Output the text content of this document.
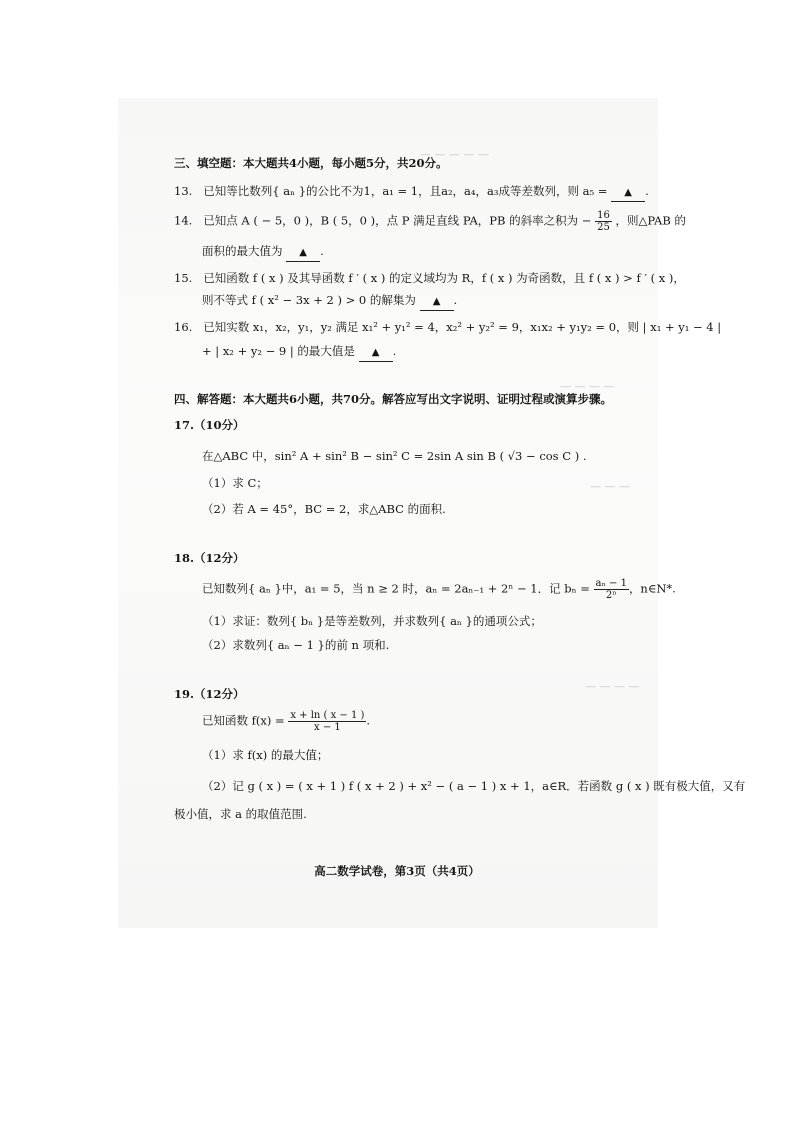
— — — — —
— — — —
— — —
— — — —
三、填空题：本大题共4小题，每小题5分，共20分。
13. 已知等比数列{ aₙ }的公比不为1，a₁ = 1，且a₂，a₄，a₃成等差数列，则 a₅ = ▲ .
14. 已知点 A ( − 5，0 )，B ( 5，0 )，点 P 满足直线 PA，PB 的斜率之积为 − $\frac{16}{25}$ ，则△PAB 的
面积的最大值为 ▲ .
15. 已知函数 f ( x ) 及其导函数 f ′ ( x ) 的定义域均为 R，f ( x ) 为奇函数，且 f ( x ) > f ′ ( x )，
则不等式 f ( x² − 3x + 2 ) > 0 的解集为 ▲ .
16. 已知实数 x₁，x₂，y₁，y₂ 满足 x₁² + y₁² = 4，x₂² + y₂² = 9，x₁x₂ + y₁y₂ = 0，则 | x₁ + y₁ − 4 |
+ | x₂ + y₂ − 9 | 的最大值是 ▲ .
四、解答题：本大题共6小题，共70分。解答应写出文字说明、证明过程或演算步骤。
17.（10分）
在△ABC 中，sin² A + sin² B − sin² C = 2sin A sin B ( √3 − cos C ) .
（1）求 C；
（2）若 A = 45°，BC = 2，求△ABC 的面积.
18.（12分）
已知数列{ aₙ }中，a₁ = 5，当 n ≥ 2 时，aₙ = 2aₙ₋₁ + 2ⁿ − 1．记 $b_n = \frac{\text{aₙ − 1}}{\text{2ⁿ}}$ ，n∈N*.
（1）求证：数列{ bₙ }是等差数列，并求数列{ aₙ }的通项公式；
（2）求数列{ aₙ − 1 }的前 n 项和.
19.（12分）
已知函数 $f(x) = \frac{x + \ln ( x - 1 )}{x - 1}$ .
（1）求 f(x) 的最大值；
（2）记 g ( x ) = ( x + 1 ) f ( x + 2 ) + x² − ( a − 1 ) x + 1，a∈R．若函数 g ( x ) 既有极大值，又有
极小值，求 a 的取值范围.
高二数学试卷，第3页（共4页）
